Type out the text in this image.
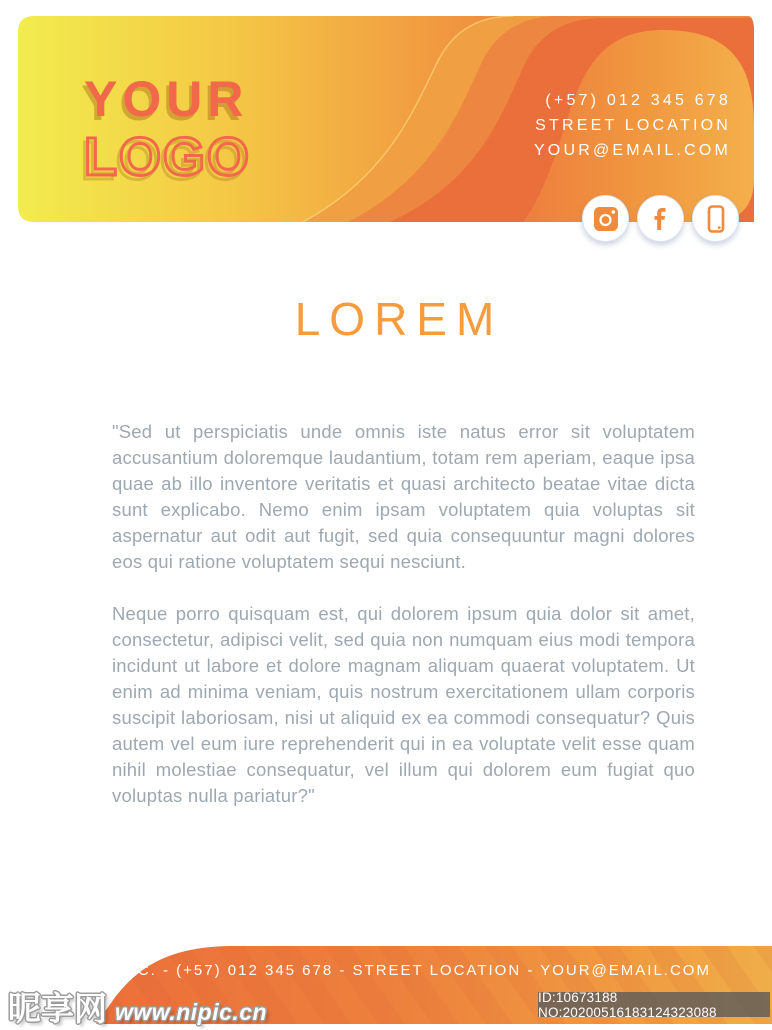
YOUR
LOGO
(+57) 012 345 678
STREET LOCATION
YOUR@EMAIL.COM
LOREM

"Sed ut perspiciatis unde omnis iste natus error sit voluptatem accusantium doloremque laudantium, totam rem aperiam, eaque ipsa quae ab illo inventore veritatis et quasi architecto beatae vitae dicta sunt explicabo. Nemo enim ipsam voluptatem quia voluptas sit aspernatur aut odit aut fugit, sed quia consequuntur magni dolores eos qui ratione voluptatem sequi nesciunt.

Neque porro quisquam est, qui dolorem ipsum quia dolor sit amet, consectetur, adipisci velit, sed quia non numquam eius modi tempora incidunt ut labore et dolore magnam aliquam quaerat voluptatem. Ut enim ad minima veniam, quis nostrum exercitationem ullam corporis suscipit laboriosam, nisi ut aliquid ex ea commodi consequatur? Quis autem vel eum iure reprehenderit qui in ea voluptate velit esse quam nihil molestiae consequatur, vel illum qui dolorem eum fugiat quo voluptas nulla pariatur?"

RICH C. - (+57) 012 345 678 - STREET LOCATION - YOUR@EMAIL.COM
昵享网 www.nipic.cn
ID:10673188 NO:20200516183124323088
